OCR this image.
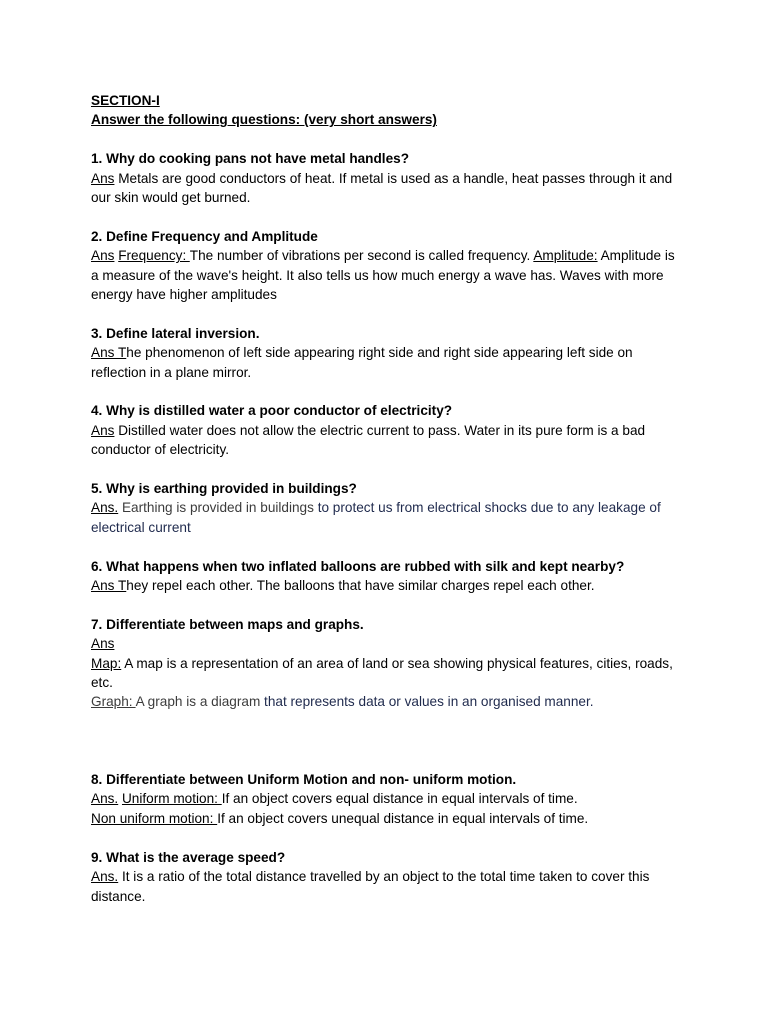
SECTION-I

Answer the following questions: (very short answers)

1. Why do cooking pans not have metal handles?

Ans Metals are good conductors of heat. If metal is used as a handle, heat passes through it and our skin would get burned.

2. Define Frequency and Amplitude

Ans Frequency: The number of vibrations per second is called frequency. Amplitude: Amplitude is a measure of the wave's height. It also tells us how much energy a wave has. Waves with more energy have higher amplitudes

3. Define lateral inversion.

Ans The phenomenon of left side appearing right side and right side appearing left side on reflection in a plane mirror.

4. Why is distilled water a poor conductor of electricity?

Ans Distilled water does not allow the electric current to pass. Water in its pure form is a bad conductor of electricity.

5. Why is earthing provided in buildings?

Ans. Earthing is provided in buildings to protect us from electrical shocks due to any leakage of electrical current

6. What happens when two inflated balloons are rubbed with silk and kept nearby?

Ans They repel each other. The balloons that have similar charges repel each other.

7. Differentiate between maps and graphs.

Ans

Map: A map is a representation of an area of land or sea showing physical features, cities, roads, etc.

Graph: A graph is a diagram that represents data or values in an organised manner.

8. Differentiate between Uniform Motion and non- uniform motion.

Ans. Uniform motion: If an object covers equal distance in equal intervals of time.

Non uniform motion: If an object covers unequal distance in equal intervals of time.

9. What is the average speed?

Ans. It is a ratio of the total distance travelled by an object to the total time taken to cover this distance.
